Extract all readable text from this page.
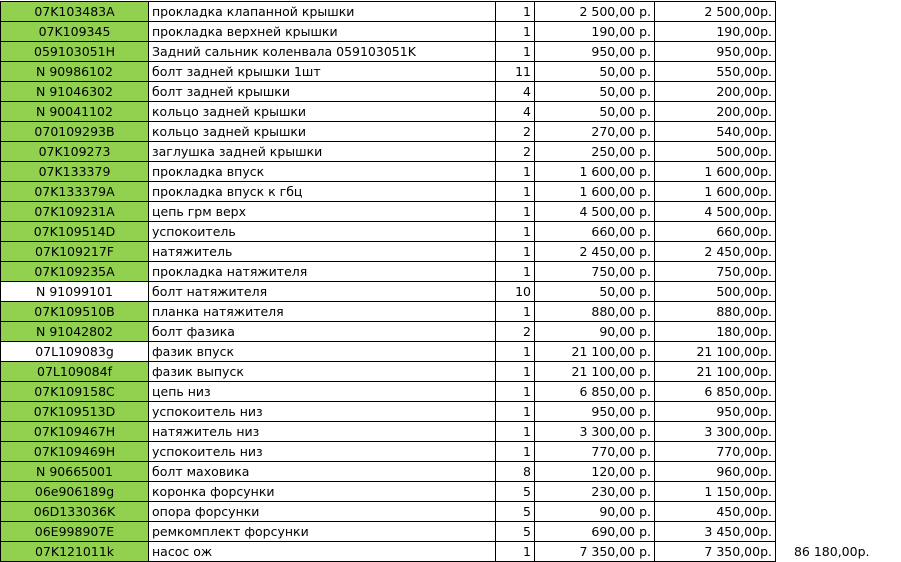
07K103483A	прокладка клапанной крышки	1	2 500,00 р.	2 500,00р.	
07K109345	прокладка верхней крышки	1	190,00 р.	190,00р.	
059103051H	Задний сальник коленвала 059103051K	1	950,00 р.	950,00р.	
N 90986102	болт задней крышки 1шт	11	50,00 р.	550,00р.	
N 91046302	болт задней крышки	4	50,00 р.	200,00р.	
N 90041102	кольцо задней крышки	4	50,00 р.	200,00р.	
070109293B	кольцо задней крышки	2	270,00 р.	540,00р.	
07K109273	заглушка задней крышки	2	250,00 р.	500,00р.	
07K133379	прокладка впуск	1	1 600,00 р.	1 600,00р.	
07K133379A	прокладка впуск к гбц	1	1 600,00 р.	1 600,00р.	
07K109231A	цепь грм верх	1	4 500,00 р.	4 500,00р.	
07K109514D	успокоитель	1	660,00 р.	660,00р.	
07K109217F	натяжитель	1	2 450,00 р.	2 450,00р.	
07K109235A	прокладка натяжителя	1	750,00 р.	750,00р.	
N 91099101	болт натяжителя	10	50,00 р.	500,00р.	
07K109510B	планка натяжителя	1	880,00 р.	880,00р.	
N 91042802	болт фазика	2	90,00 р.	180,00р.	
07L109083g	фазик впуск	1	21 100,00 р.	21 100,00р.	
07L109084f	фазик выпуск	1	21 100,00 р.	21 100,00р.	
07K109158C	цепь низ	1	6 850,00 р.	6 850,00р.	
07K109513D	успокоитель низ	1	950,00 р.	950,00р.	
07K109467H	натяжитель низ	1	3 300,00 р.	3 300,00р.	
07K109469H	успокоитель низ	1	770,00 р.	770,00р.	
N 90665001	болт маховика	8	120,00 р.	960,00р.	
06e906189g	коронка форсунки	5	230,00 р.	1 150,00р.	
06D133036K	опора форсунки	5	90,00 р.	450,00р.	
06E998907E	ремкомплект форсунки	5	690,00 р.	3 450,00р.	
07K121011k	насос ож	1	7 350,00 р.	7 350,00р.	86 180,00р.
